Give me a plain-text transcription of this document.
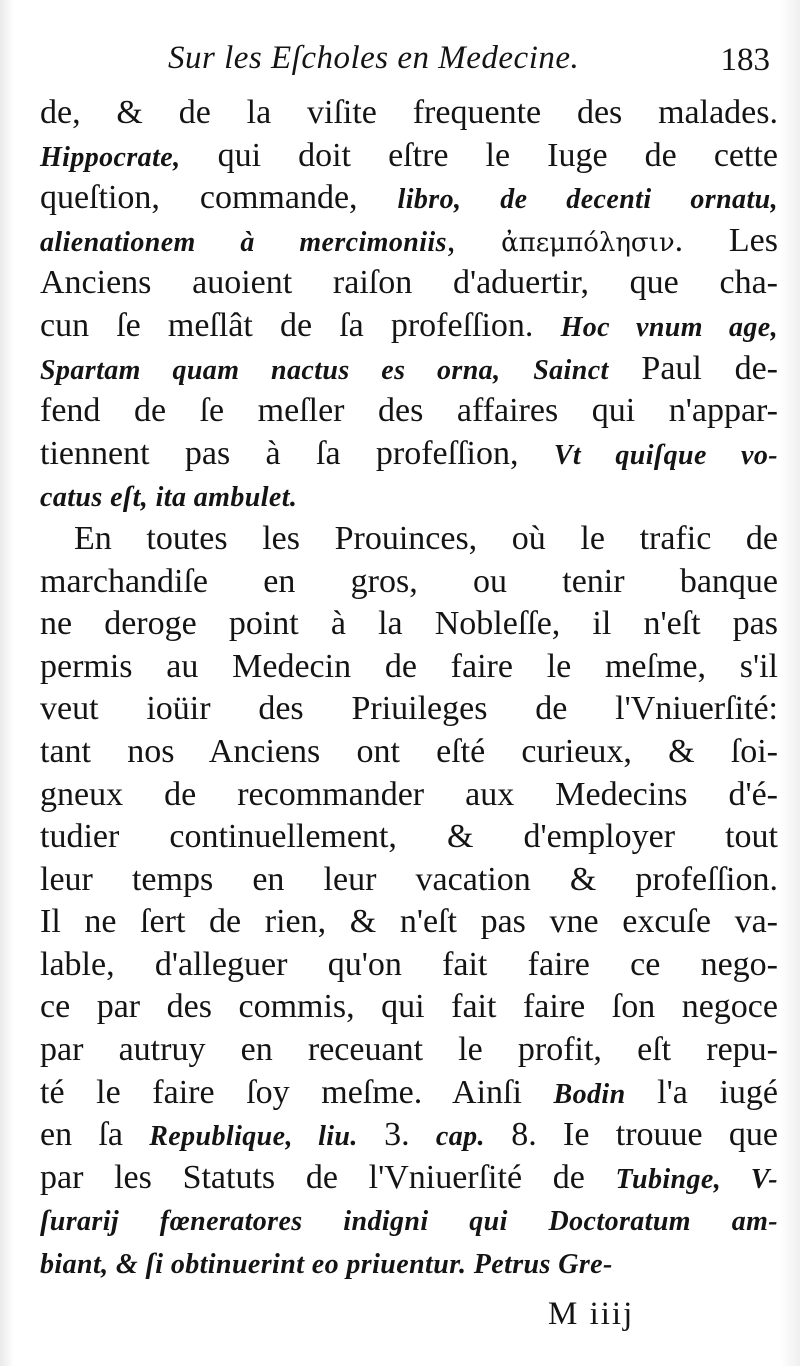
Sur les Eſcholes en Medecine.	183
de, & de la viſite frequente des malades.
Hippocrate, qui doit eſtre le Iuge de cette
queſtion, commande, libro, de decenti ornatu,
alienationem à mercimoniis, ἀπεμπόλησιν. Les
Anciens auoient raiſon d'aduertir, que cha-
cun ſe meſlât de ſa profeſſion. Hoc vnum age,
Spartam quam nactus es orna, Sainct Paul de-
fend de ſe meſler des affaires qui n'appar-
tiennent pas à ſa profeſſion, Vt quiſque vo-
catus eſt, ita ambulet.
En toutes les Prouinces, où le trafic de
marchandiſe en gros, ou tenir banque
ne deroge point à la Nobleſſe, il n'eſt pas
permis au Medecin de faire le meſme, s'il
veut ioüir des Priuileges de l'Vniuerſité:
tant nos Anciens ont eſté curieux, & ſoi-
gneux de recommander aux Medecins d'é-
tudier continuellement, & d'employer tout
leur temps en leur vacation & profeſſion.
Il ne ſert de rien, & n'eſt pas vne excuſe va-
lable, d'alleguer qu'on fait faire ce nego-
ce par des commis, qui fait faire ſon negoce
par autruy en receuant le profit, eſt repu-
té le faire ſoy meſme. Ainſi Bodin l'a iugé
en ſa Republique, liu. 3. cap. 8. Ie trouue que
par les Statuts de l'Vniuerſité de Tubinge, V-
ſurarij fœneratores indigni qui Doctoratum am-
biant, & ſi obtinuerint eo priuentur. Petrus Gre-
M iiij
